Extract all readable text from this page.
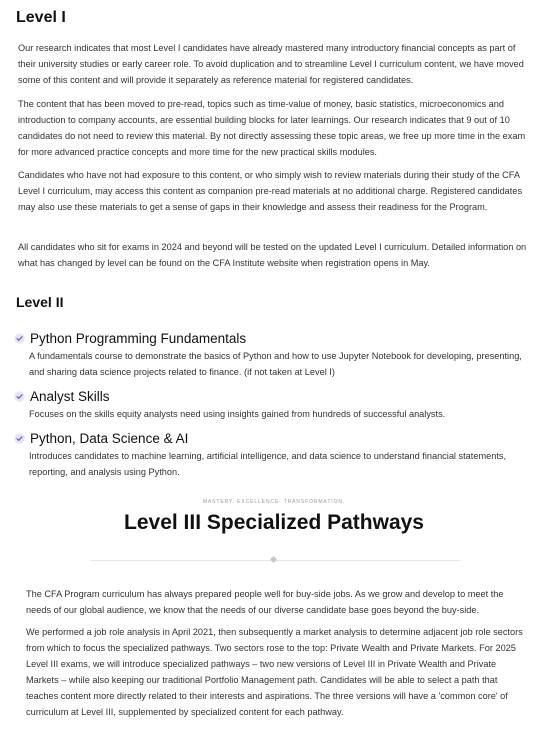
Level I

Our research indicates that most Level I candidates have already mastered many introductory financial concepts as part of their university studies or early career role. To avoid duplication and to streamline Level I curriculum content, we have moved some of this content and will provide it separately as reference material for registered candidates.

The content that has been moved to pre-read, topics such as time-value of money, basic statistics, microeconomics and introduction to company accounts, are essential building blocks for later learnings. Our research indicates that 9 out of 10 candidates do not need to review this material. By not directly assessing these topic areas, we free up more time in the exam for more advanced practice concepts and more time for the new practical skills modules.

Candidates who have not had exposure to this content, or who simply wish to review materials during their study of the CFA Level I curriculum, may access this content as companion pre-read materials at no additional charge. Registered candidates may also use these materials to get a sense of gaps in their knowledge and assess their readiness for the Program.

All candidates who sit for exams in 2024 and beyond will be tested on the updated Level I curriculum. Detailed information on what has changed by level can be found on the CFA Institute website when registration opens in May.

Level II
Python Programming Fundamentals
A fundamentals course to demonstrate the basics of Python and how to use Jupyter Notebook for developing, presenting, and sharing data science projects related to finance. (if not taken at Level I)
Analyst Skills
Focuses on the skills equity analysts need using insights gained from hundreds of successful analysts.
Python, Data Science & AI
Introduces candidates to machine learning, artificial intelligence, and data science to understand financial statements, reporting, and analysis using Python.
MASTERY. EXCELLENCE. TRANSFORMATION.
Level III Specialized Pathways

The CFA Program curriculum has always prepared people well for buy-side jobs. As we grow and develop to meet the needs of our global audience, we know that the needs of our diverse candidate base goes beyond the buy-side.

We performed a job role analysis in April 2021, then subsequently a market analysis to determine adjacent job role sectors from which to focus the specialized pathways. Two sectors rose to the top: Private Wealth and Private Markets. For 2025 Level III exams, we will introduce specialized pathways – two new versions of Level III in Private Wealth and Private Markets – while also keeping our traditional Portfolio Management path. Candidates will be able to select a path that teaches content more directly related to their interests and aspirations. The three versions will have a 'common core' of curriculum at Level III, supplemented by specialized content for each pathway.
